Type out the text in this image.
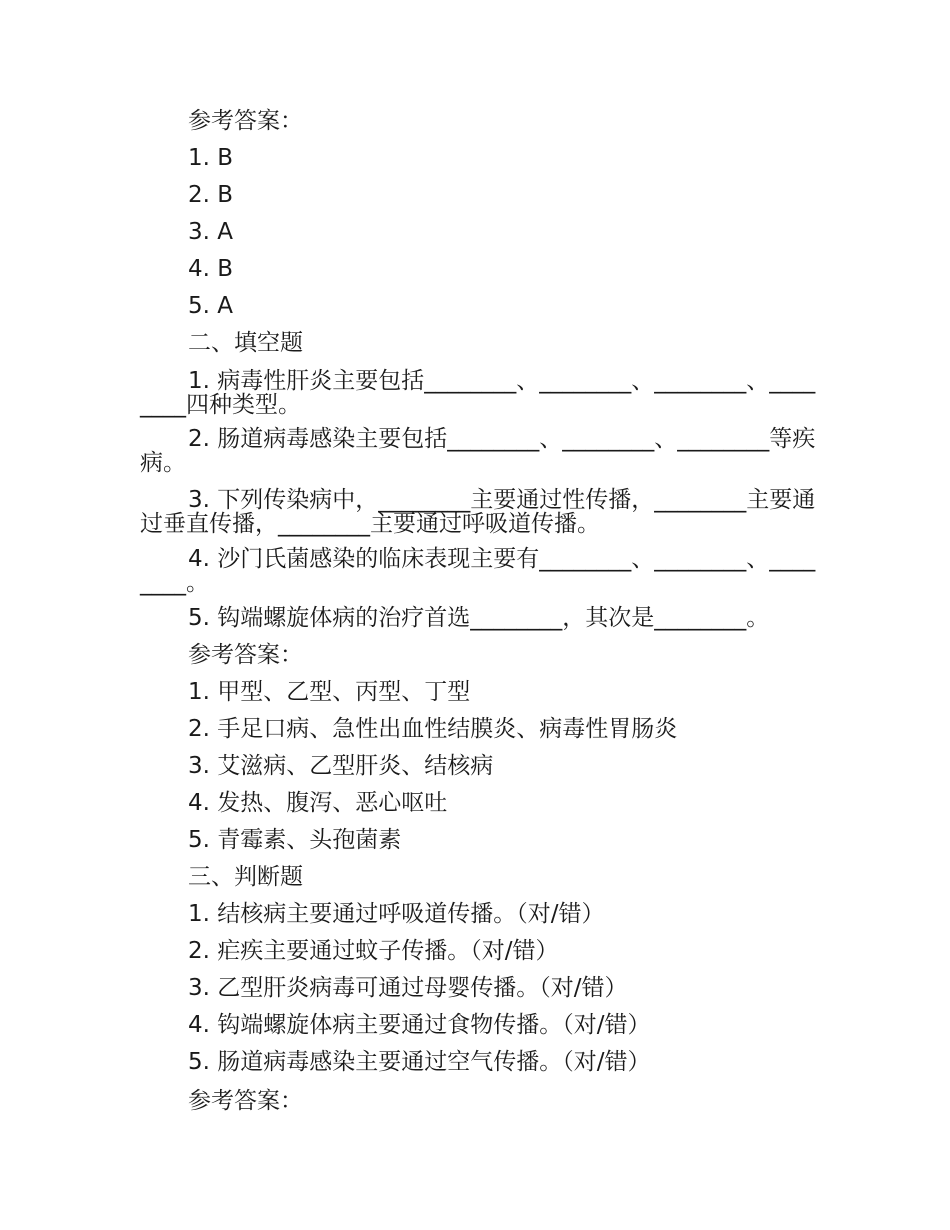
参考答案：
1. B
2. B
3. A
4. B
5. A
二、填空题
1. 病毒性肝炎主要包括________、________、________、________四种类型。
2. 肠道病毒感染主要包括________、________、________等疾病。
3. 下列传染病中，________主要通过性传播，________主要通过垂直传播，________主要通过呼吸道传播。
4. 沙门氏菌感染的临床表现主要有________、________、________。
5. 钩端螺旋体病的治疗首选________，其次是________。
参考答案：
1. 甲型、乙型、丙型、丁型
2. 手足口病、急性出血性结膜炎、病毒性胃肠炎
3. 艾滋病、乙型肝炎、结核病
4. 发热、腹泻、恶心呕吐
5. 青霉素、头孢菌素
三、判断题
1. 结核病主要通过呼吸道传播。（对/错）
2. 疟疾主要通过蚊子传播。（对/错）
3. 乙型肝炎病毒可通过母婴传播。（对/错）
4. 钩端螺旋体病主要通过食物传播。（对/错）
5. 肠道病毒感染主要通过空气传播。（对/错）
参考答案：
